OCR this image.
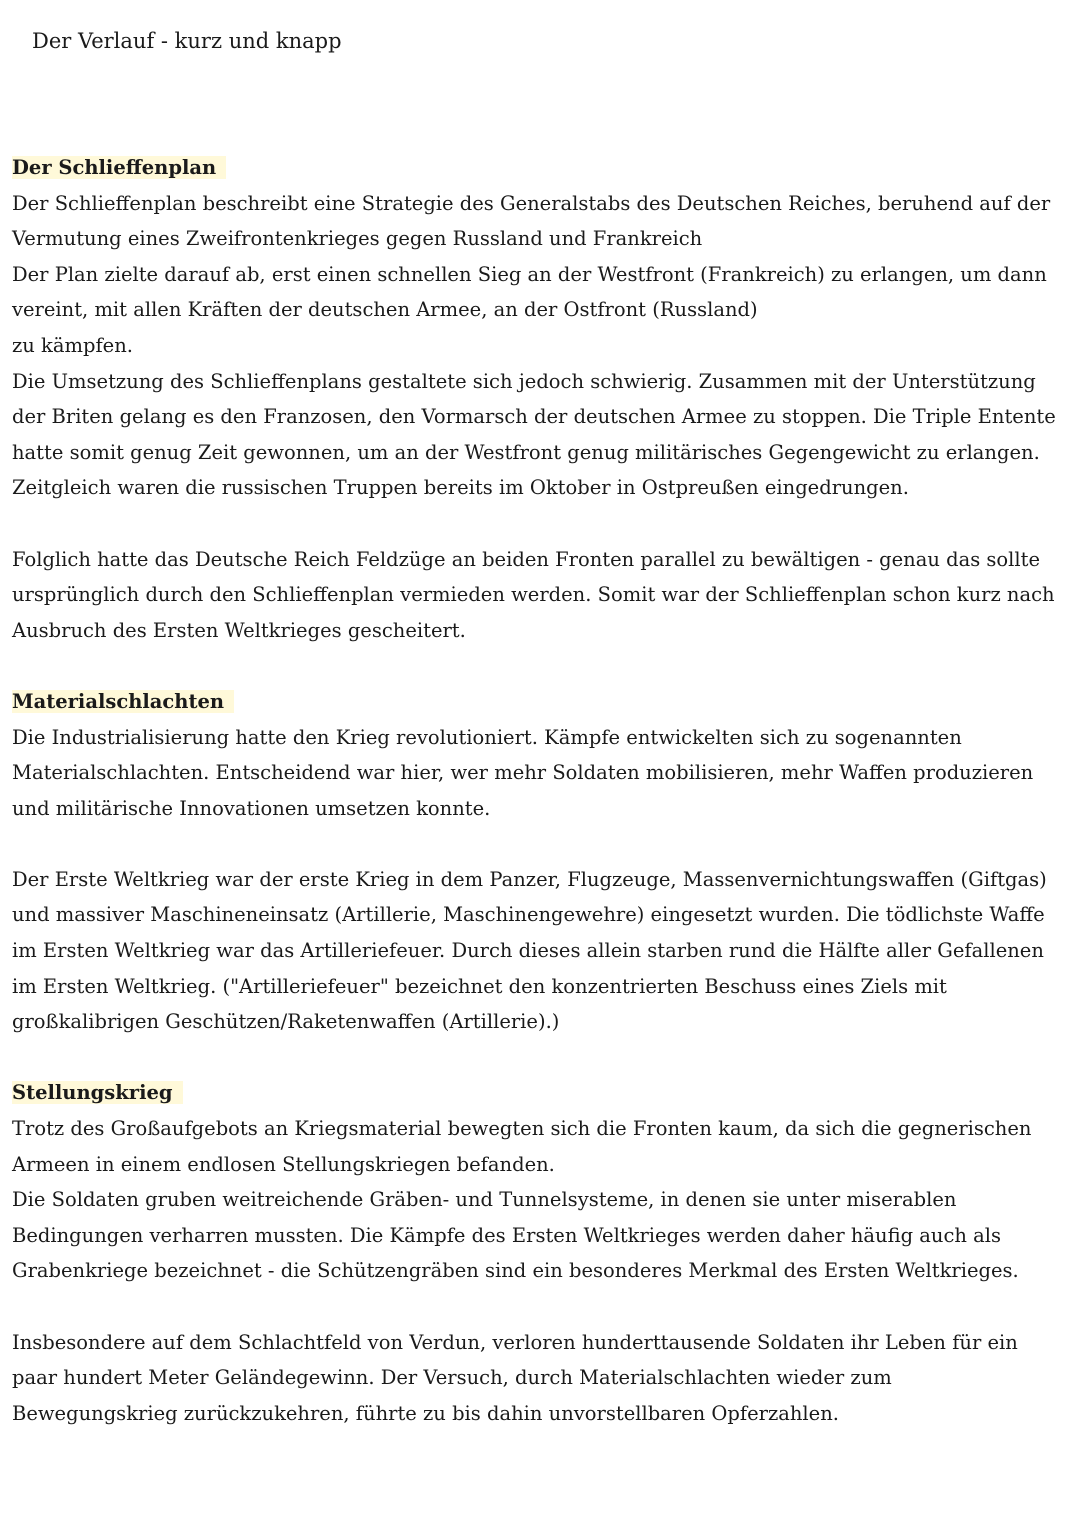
Der Verlauf - kurz und knapp

Der Schlieffenplan

Der Schlieffenplan beschreibt eine Strategie des Generalstabs des Deutschen Reiches, beruhend auf der
Vermutung eines Zweifrontenkrieges gegen Russland und Frankreich
Der Plan zielte darauf ab, erst einen schnellen Sieg an der Westfront (Frankreich) zu erlangen, um dann
vereint, mit allen Kräften der deutschen Armee, an der Ostfront (Russland)
zu kämpfen.
Die Umsetzung des Schlieffenplans gestaltete sich jedoch schwierig. Zusammen mit der Unterstützung
der Briten gelang es den Franzosen, den Vormarsch der deutschen Armee zu stoppen. Die Triple Entente
hatte somit genug Zeit gewonnen, um an der Westfront genug militärisches Gegengewicht zu erlangen.
Zeitgleich waren die russischen Truppen bereits im Oktober in Ostpreußen eingedrungen.

Folglich hatte das Deutsche Reich Feldzüge an beiden Fronten parallel zu bewältigen - genau das sollte
ursprünglich durch den Schlieffenplan vermieden werden. Somit war der Schlieffenplan schon kurz nach
Ausbruch des Ersten Weltkrieges gescheitert.

Materialschlachten

Die Industrialisierung hatte den Krieg revolutioniert. Kämpfe entwickelten sich zu sogenannten
Materialschlachten. Entscheidend war hier, wer mehr Soldaten mobilisieren, mehr Waffen produzieren
und militärische Innovationen umsetzen konnte.

Der Erste Weltkrieg war der erste Krieg in dem Panzer, Flugzeuge, Massenvernichtungswaffen (Giftgas)
und massiver Maschineneinsatz (Artillerie, Maschinengewehre) eingesetzt wurden. Die tödlichste Waffe
im Ersten Weltkrieg war das Artilleriefeuer. Durch dieses allein starben rund die Hälfte aller Gefallenen
im Ersten Weltkrieg. ("Artilleriefeuer" bezeichnet den konzentrierten Beschuss eines Ziels mit
großkalibrigen Geschützen/Raketenwaffen (Artillerie).)

Stellungskrieg

Trotz des Großaufgebots an Kriegsmaterial bewegten sich die Fronten kaum, da sich die gegnerischen
Armeen in einem endlosen Stellungskriegen befanden.
Die Soldaten gruben weitreichende Gräben- und Tunnelsysteme, in denen sie unter miserablen
Bedingungen verharren mussten. Die Kämpfe des Ersten Weltkrieges werden daher häufig auch als
Grabenkriege bezeichnet - die Schützengräben sind ein besonderes Merkmal des Ersten Weltkrieges.

Insbesondere auf dem Schlachtfeld von Verdun, verloren hunderttausende Soldaten ihr Leben für ein
paar hundert Meter Geländegewinn. Der Versuch, durch Materialschlachten wieder zum
Bewegungskrieg zurückzukehren, führte zu bis dahin unvorstellbaren Opferzahlen.
